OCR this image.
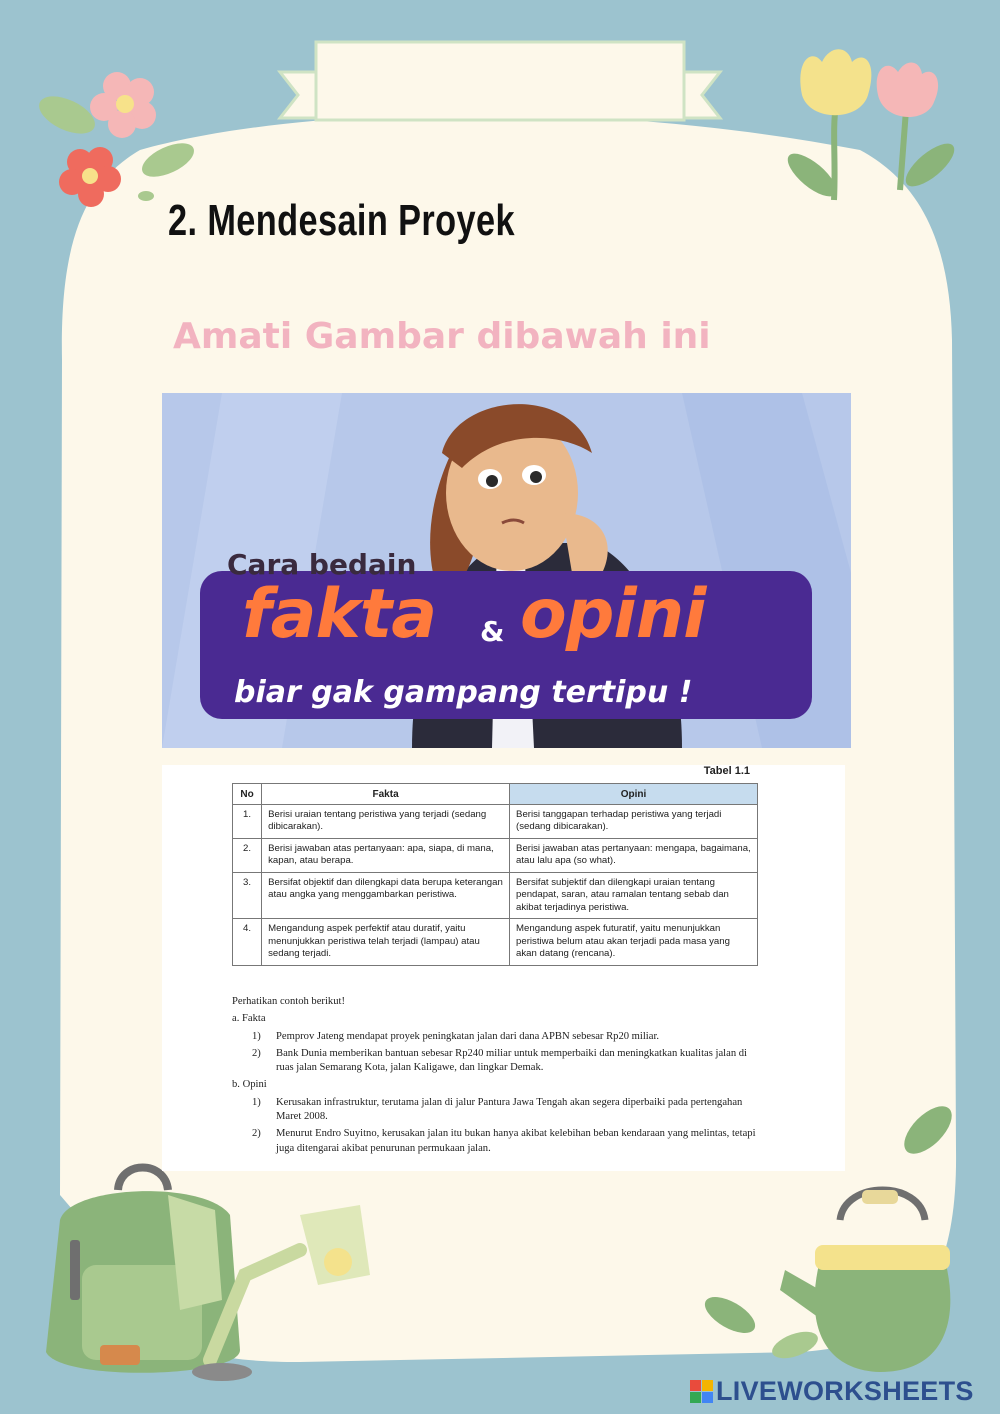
2. Mendesain Proyek
Amati Gambar dibawah ini
Cara bedain
fakta & opini
biar gak gampang tertipu !
Tabel 1.1
No	Fakta	Opini
1.	Berisi uraian tentang peristiwa yang terjadi (sedang dibicarakan).	Berisi tanggapan terhadap peristiwa yang terjadi (sedang dibicarakan).
2.	Berisi jawaban atas pertanyaan: apa, siapa, di mana, kapan, atau berapa.	Berisi jawaban atas pertanyaan: mengapa, bagaimana, atau lalu apa (so what).
3.	Bersifat objektif dan dilengkapi data berupa keterangan atau angka yang menggambarkan peristiwa.	Bersifat subjektif dan dilengkapi uraian tentang pendapat, saran, atau ramalan tentang sebab dan akibat terjadinya peristiwa.
4.	Mengandung aspek perfektif atau duratif, yaitu menunjukkan peristiwa telah terjadi (lampau) atau sedang terjadi.	Mengandung aspek futuratif, yaitu menunjukkan peristiwa belum atau akan terjadi pada masa yang akan datang (rencana).

Perhatikan contoh berikut!

a. Fakta

1) Pemprov Jateng mendapat proyek peningkatan jalan dari dana APBN sebesar Rp20 miliar.
2) Bank Dunia memberikan bantuan sebesar Rp240 miliar untuk memperbaiki dan meningkatkan kualitas jalan di ruas jalan Semarang Kota, jalan Kaligawe, dan lingkar Demak.

b. Opini

1) Kerusakan infrastruktur, terutama jalan di jalur Pantura Jawa Tengah akan segera diperbaiki pada pertengahan Maret 2008.
2) Menurut Endro Suyitno, kerusakan jalan itu bukan hanya akibat kelebihan beban kendaraan yang melintas, tetapi juga ditengarai akibat penurunan permukaan jalan.
LIVEWORKSHEETS
